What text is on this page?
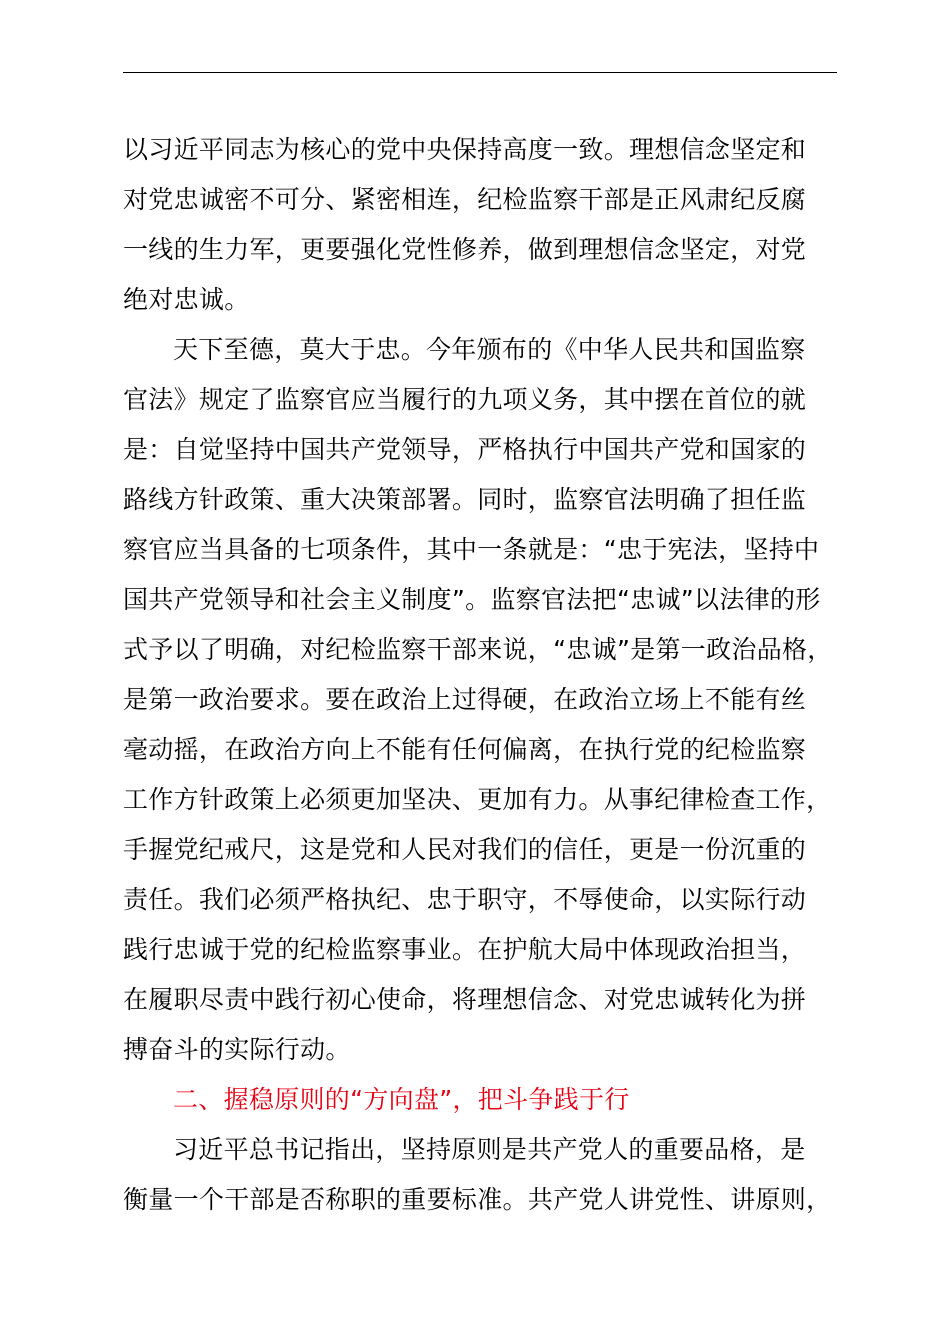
以习近平同志为核心的党中央保持高度一致。理想信念坚定和
对党忠诚密不可分、紧密相连，纪检监察干部是正风肃纪反腐
一线的生力军，更要强化党性修养，做到理想信念坚定，对党
绝对忠诚。
天下至德，莫大于忠。今年颁布的《中华人民共和国监察
官法》规定了监察官应当履行的九项义务，其中摆在首位的就
是：自觉坚持中国共产党领导，严格执行中国共产党和国家的
路线方针政策、重大决策部署。同时，监察官法明确了担任监
察官应当具备的七项条件，其中一条就是：“忠于宪法，坚持中
国共产党领导和社会主义制度”。监察官法把“忠诚”以法律的形
式予以了明确，对纪检监察干部来说，“忠诚”是第一政治品格，
是第一政治要求。要在政治上过得硬，在政治立场上不能有丝
毫动摇，在政治方向上不能有任何偏离，在执行党的纪检监察
工作方针政策上必须更加坚决、更加有力。从事纪律检查工作，
手握党纪戒尺，这是党和人民对我们的信任，更是一份沉重的
责任。我们必须严格执纪、忠于职守，不辱使命，以实际行动
践行忠诚于党的纪检监察事业。在护航大局中体现政治担当，
在履职尽责中践行初心使命，将理想信念、对党忠诚转化为拼
搏奋斗的实际行动。
二、握稳原则的“方向盘”，把斗争践于行
习近平总书记指出，坚持原则是共产党人的重要品格，是
衡量一个干部是否称职的重要标准。共产党人讲党性、讲原则，
